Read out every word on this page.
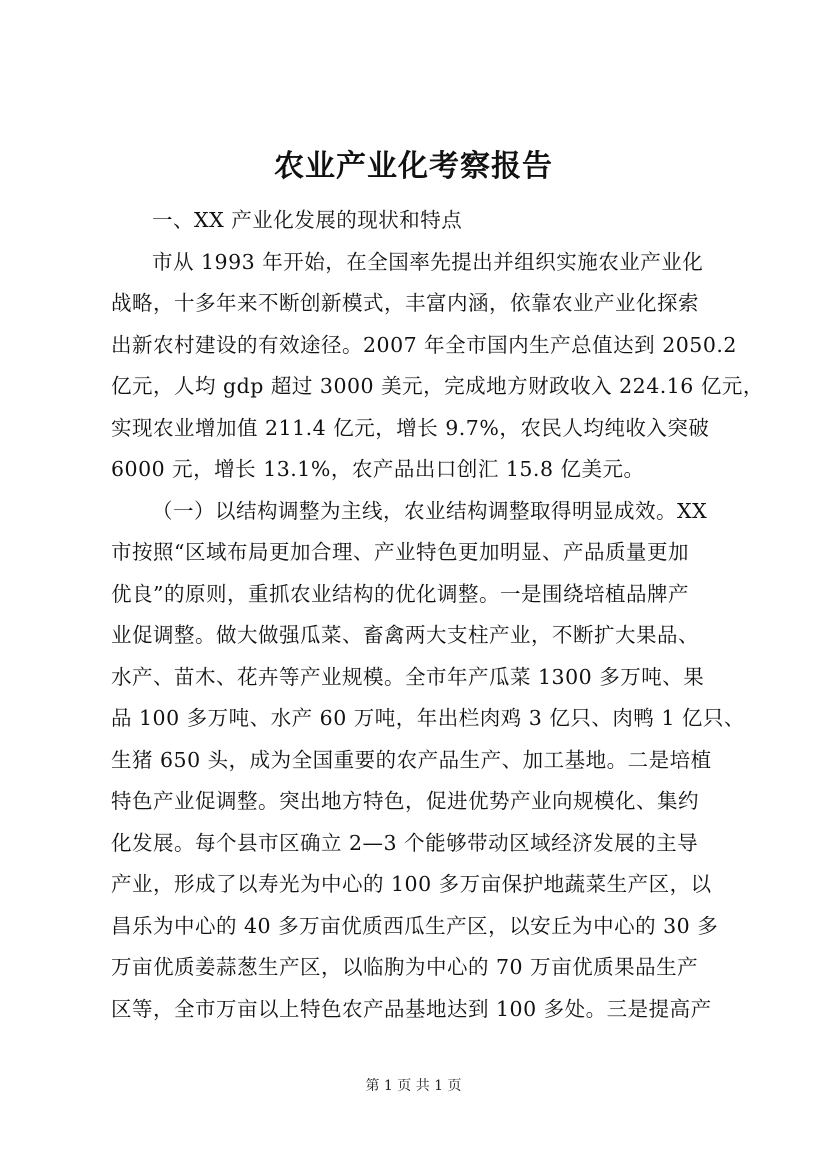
农业产业化考察报告
一、XX 产业化发展的现状和特点
市从 1993 年开始，在全国率先提出并组织实施农业产业化
战略，十多年来不断创新模式，丰富内涵，依靠农业产业化探索
出新农村建设的有效途径。2007 年全市国内生产总值达到 2050.2
亿元，人均 gdp 超过 3000 美元，完成地方财政收入 224.16 亿元，
实现农业增加值 211.4 亿元，增长 9.7%，农民人均纯收入突破
6000 元，增长 13.1%，农产品出口创汇 15.8 亿美元。
（一）以结构调整为主线，农业结构调整取得明显成效。XX
市按照“区域布局更加合理、产业特色更加明显、产品质量更加
优良”的原则，重抓农业结构的优化调整。一是围绕培植品牌产
业促调整。做大做强瓜菜、畜禽两大支柱产业，不断扩大果品、
水产、苗木、花卉等产业规模。全市年产瓜菜 1300 多万吨、果
品 100 多万吨、水产 60 万吨，年出栏肉鸡 3 亿只、肉鸭 1 亿只、
生猪 650 头，成为全国重要的农产品生产、加工基地。二是培植
特色产业促调整。突出地方特色，促进优势产业向规模化、集约
化发展。每个县市区确立 2—3 个能够带动区域经济发展的主导
产业，形成了以寿光为中心的 100 多万亩保护地蔬菜生产区，以
昌乐为中心的 40 多万亩优质西瓜生产区，以安丘为中心的 30 多
万亩优质姜蒜葱生产区，以临朐为中心的 70 万亩优质果品生产
区等，全市万亩以上特色农产品基地达到 100 多处。三是提高产
第 1 页 共 1 页
